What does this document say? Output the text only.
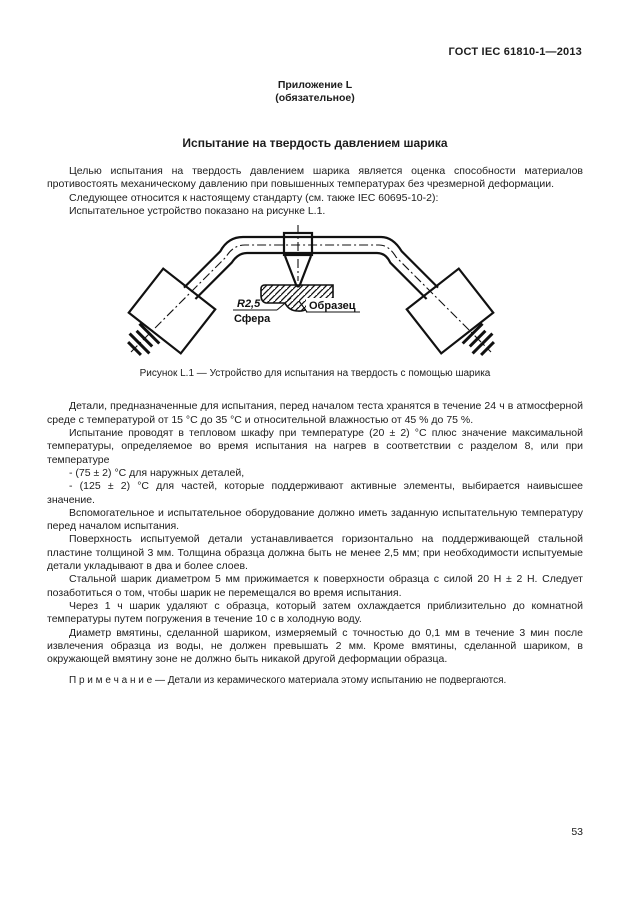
ГОСТ IEC 61810-1—2013
Приложение L
(обязательное)
Испытание на твердость давлением шарика

Целью испытания на твердость давлением шарика является оценка способности материалов противостоять механическому давлению при повышенных температурах без чрезмерной деформации.

Следующее относится к настоящему стандарту (см. также IEC 60695-10-2):

Испытательное устройство показано на рисунке L.1.

R2,5
Сфера
Образец
Рисунок L.1 — Устройство для испытания на твердость с помощью шарика

Детали, предназначенные для испытания, перед началом теста хранятся в течение 24 ч в атмосферной среде с температурой от 15 °С до 35 °С и относительной влажностью от 45 % до 75 %.

Испытание проводят в тепловом шкафу при температуре (20 ± 2) °С плюс значение максимальной температуры, определяемое во время испытания на нагрев в соответствии с разделом 8, или при температуре

- (75 ± 2) °С для наружных деталей,

- (125 ± 2) °С для частей, которые поддерживают активные элементы, выбирается наивысшее значение.

Вспомогательное и испытательное оборудование должно иметь заданную испытательную температуру перед началом испытания.

Поверхность испытуемой детали устанавливается горизонтально на поддерживающей стальной пластине толщиной 3 мм. Толщина образца должна быть не менее 2,5 мм; при необходимости испытуемые детали укладывают в два и более слоев.

Стальной шарик диаметром 5 мм прижимается к поверхности образца с силой 20 Н ± 2 Н. Следует позаботиться о том, чтобы шарик не перемещался во время испытания.

Через 1 ч шарик удаляют с образца, который затем охлаждается приблизительно до комнатной температуры путем погружения в течение 10 с в холодную воду.

Диаметр вмятины, сделанной шариком, измеряемый с точностью до 0,1 мм в течение 3 мин после извлечения образца из воды, не должен превышать 2 мм. Кроме вмятины, сделанной шариком, в окружающей вмятину зоне не должно быть никакой другой деформации образца.

П р и м е ч а н и е — Детали из керамического материала этому испытанию не подвергаются.

53
